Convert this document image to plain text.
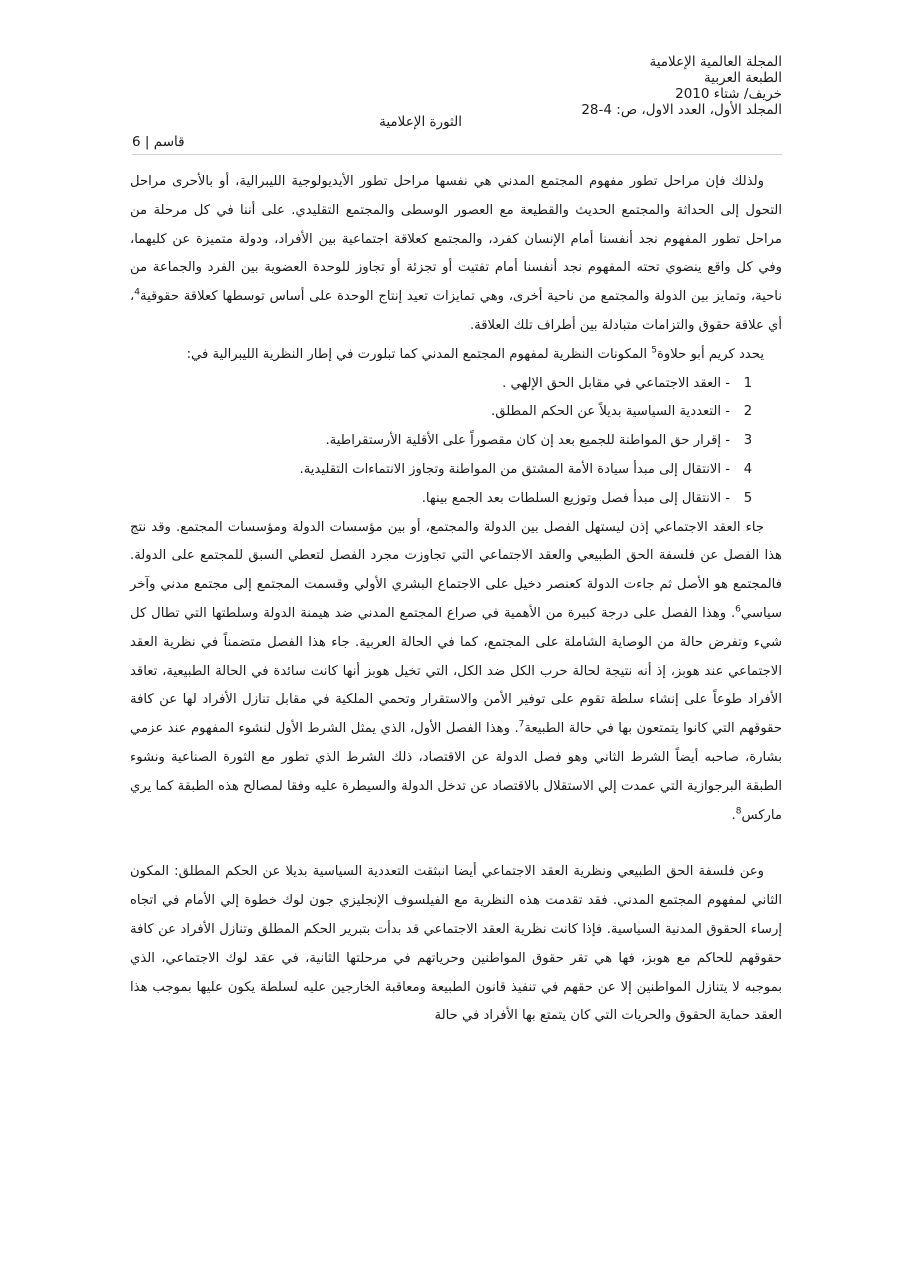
المجلة العالمية الإعلامية
الطبعة العربية
خريف/ شتاء 2010
المجلد الأول، العدد الاول، ص: 4-28
الثورة الإعلامية
قاسم | 6

ولذلك فإن مراحل تطور مفهوم المجتمع المدني هي نفسها مراحل تطور الأيديولوجية الليبرالية، أو بالأحرى مراحل التحول إلى الحداثة والمجتمع الحديث والقطيعة مع العصور الوسطى والمجتمع التقليدي. على أننا في كل مرحلة من مراحل تطور المفهوم نجد أنفسنا أمام الإنسان كفرد، والمجتمع كعلاقة اجتماعية بين الأفراد، ودولة متميزة عن كليهما، وفي كل واقع ينضوي تحته المفهوم نجد أنفسنا أمام تفتيت أو تجزئة أو تجاوز للوحدة العضوية بين الفرد والجماعة من ناحية، وتمايز بين الدولة والمجتمع من ناحية أخرى، وهي تمايزات تعيد إنتاج الوحدة على أساس توسطها كعلاقة حقوقية$^4$، أي علاقة حقوق والتزامات متبادلة بين أطراف تلك العلاقة.

يحدد كريم أبو حلاوة$^5$ المكونات النظرية لمفهوم المجتمع المدني كما تبلورت في إطار النظرية الليبرالية في:

1
- العقد الاجتماعي في مقابل الحق الإلهي .
2
- التعددية السياسية بديلاً عن الحكم المطلق.
3
- إقرار حق المواطنة للجميع بعد إن كان مقصوراً على الأقلية الأرستقراطية.
4
- الانتقال إلى مبدأ سيادة الأمة المشتق من المواطنة وتجاوز الانتماءات التقليدية.
5
- الانتقال إلى مبدأ فصل وتوزيع السلطات بعد الجمع بينها.

جاء العقد الاجتماعي إذن ليستهل الفصل بين الدولة والمجتمع، أو بين مؤسسات الدولة ومؤسسات المجتمع. وقد نتج هذا الفصل عن فلسفة الحق الطبيعي والعقد الاجتماعي التي تجاوزت مجرد الفصل لتعطي السبق للمجتمع على الدولة. فالمجتمع هو الأصل ثم جاءت الدولة كعنصر دخيل على الاجتماع البشري الأولي وقسمت المجتمع إلى مجتمع مدني وآخر سياسي$^6$. وهذا الفصل على درجة كبيرة من الأهمية في صراع المجتمع المدني ضد هيمنة الدولة وسلطتها التي تطال كل شيء وتفرض حالة من الوصاية الشاملة على المجتمع، كما في الحالة العربية. جاء هذا الفصل متضمناً في نظرية العقد الاجتماعي عند هوبز، إذ أنه نتيجة لحالة حرب الكل ضد الكل، التي تخيل هوبز أنها كانت سائدة في الحالة الطبيعية، تعاقد الأفراد طوعاً على إنشاء سلطة تقوم على توفير الأمن والاستقرار وتحمي الملكية في مقابل تنازل الأفراد لها عن كافة حقوقهم التي كانوا يتمتعون بها في حالة الطبيعة$^7$. وهذا الفصل الأول، الذي يمثل الشرط الأول لنشوء المفهوم عند عزمي بشارة، صاحبه أيضاً الشرط الثاني وهو فصل الدولة عن الاقتصاد، ذلك الشرط الذي تطور مع الثورة الصناعية ونشوء الطبقة البرجوازية التي عمدت إلي الاستقلال بالاقتصاد عن تدخل الدولة والسيطرة عليه وفقا لمصالح هذه الطبقة كما يري ماركس$^8$.

وعن فلسفة الحق الطبيعي ونظرية العقد الاجتماعي أيضا انبثقت التعددية السياسية بديلا عن الحكم المطلق: المكون الثاني لمفهوم المجتمع المدني. فقد تقدمت هذه النظرية مع الفيلسوف الإنجليزي جون لوك خطوة إلي الأمام في اتجاه إرساء الحقوق المدنية السياسية. فإذا كانت نظرية العقد الاجتماعي قد بدأت بتبرير الحكم المطلق وتنازل الأفراد عن كافة حقوقهم للحاكم مع هوبز، فها هي تقر حقوق المواطنين وحرياتهم في مرحلتها الثانية، في عقد لوك الاجتماعي، الذي بموجبه لا يتنازل المواطنين إلا عن حقهم في تنفيذ قانون الطبيعة ومعاقبة الخارجين عليه لسلطة يكون عليها بموجب هذا العقد حماية الحقوق والحريات التي كان يتمتع بها الأفراد في حالة
